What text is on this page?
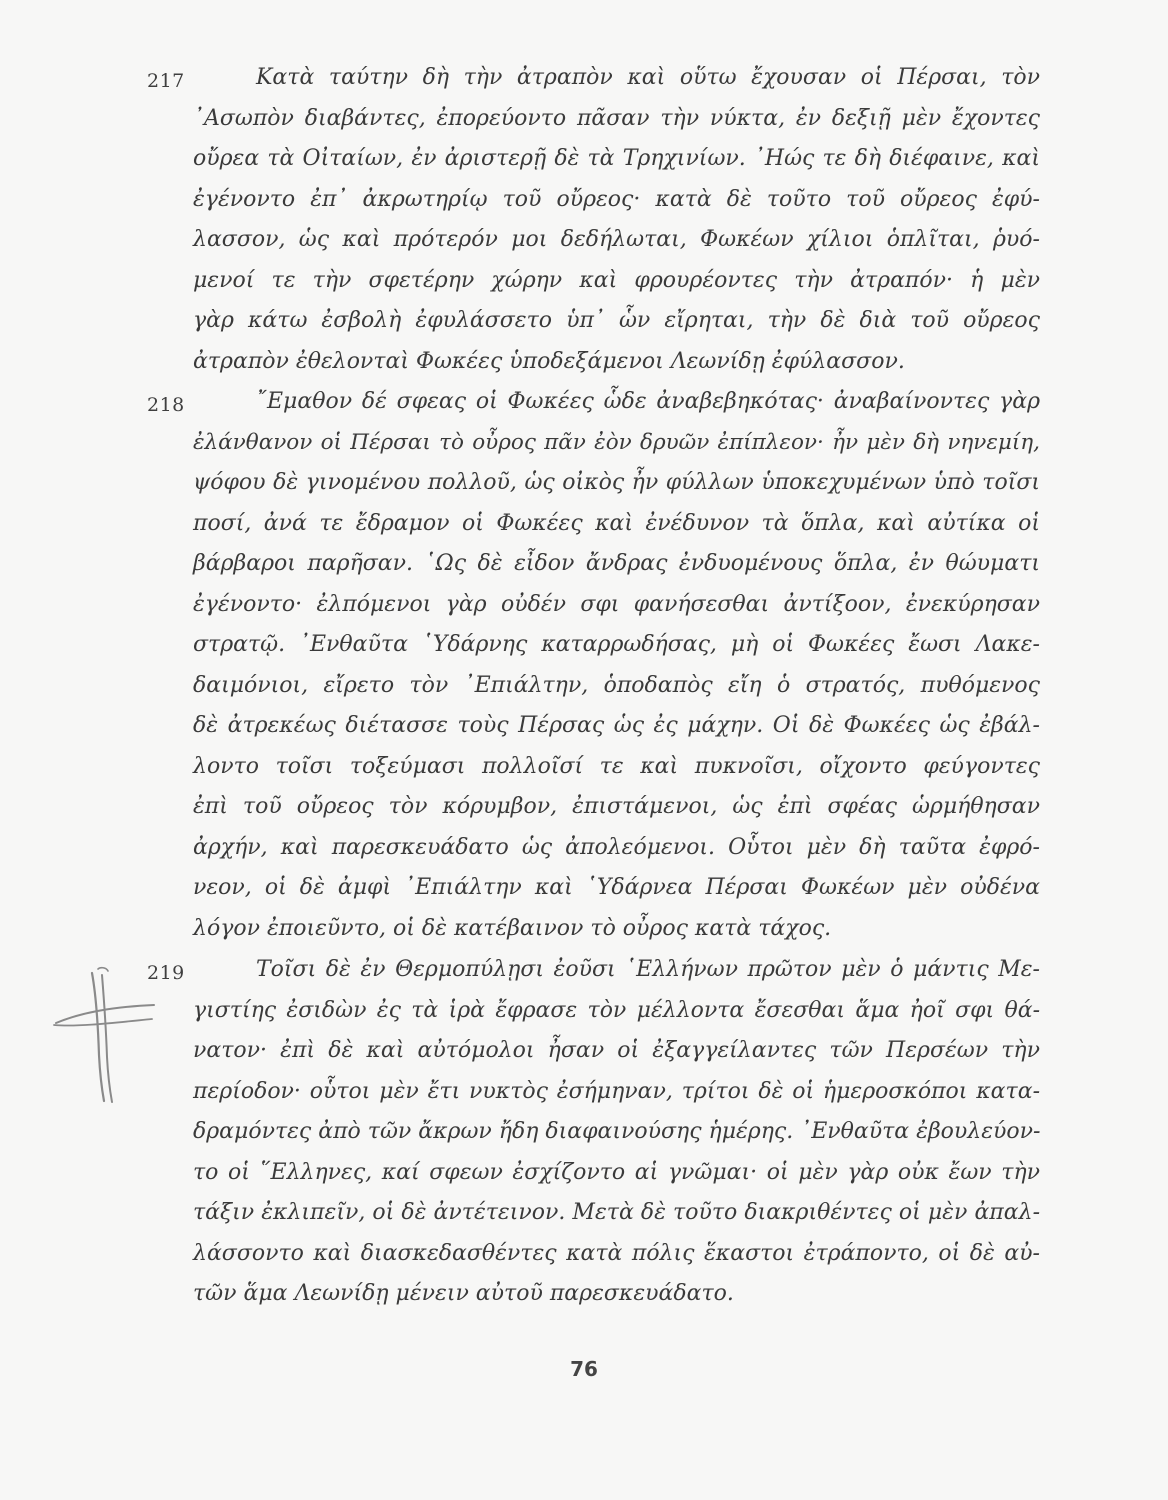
217	Κατὰ ταύτην δὴ τὴν ἀτραπὸν καὶ οὕτω ἔχουσαν οἱ Πέρσαι, τὸν
᾽Ασωπὸν διαβάντες, ἐπορεύοντο πᾶσαν τὴν νύκτα, ἐν δεξιῇ μὲν ἔχοντες
οὔρεα τὰ Οἰταίων, ἐν ἀριστερῇ δὲ τὰ Τρηχινίων. ᾽Ηώς τε δὴ διέφαινε, καὶ
ἐγένοντο ἐπ᾽ ἀκρωτηρίῳ τοῦ οὔρεος· κατὰ δὲ τοῦτο τοῦ οὔρεος ἐφύ-
λασσον, ὡς καὶ πρότερόν μοι δεδήλωται, Φωκέων χίλιοι ὁπλῖται, ῥυό-
μενοί τε τὴν σφετέρην χώρην καὶ φρουρέοντες τὴν ἀτραπόν· ἡ μὲν
γὰρ κάτω ἐσβολὴ ἐφυλάσσετο ὑπ᾽ ὧν εἴρηται, τὴν δὲ διὰ τοῦ οὔρεος
ἀτραπὸν ἐθελονταὶ Φωκέες ὑποδεξάμενοι Λεωνίδῃ ἐφύλασσον.
218	῎Εμαθον δέ σφεας οἱ Φωκέες ὧδε ἀναβεβηκότας· ἀναβαίνοντες γὰρ
ἐλάνθανον οἱ Πέρσαι τὸ οὖρος πᾶν ἐὸν δρυῶν ἐπίπλεον· ἦν μὲν δὴ νηνεμίη,
ψόφου δὲ γινομένου πολλοῦ, ὡς οἰκὸς ἦν φύλλων ὑποκεχυμένων ὑπὸ τοῖσι
ποσί, ἀνά τε ἔδραμον οἱ Φωκέες καὶ ἐνέδυνον τὰ ὅπλα, καὶ αὐτίκα οἱ
βάρβαροι παρῆσαν. ῾Ως δὲ εἶδον ἄνδρας ἐνδυομένους ὅπλα, ἐν θώυματι
ἐγένοντο· ἐλπόμενοι γὰρ οὐδέν σφι φανήσεσθαι ἀντίξοον, ἐνεκύρησαν
στρατῷ. ᾽Ενθαῦτα ῾Υδάρνης καταρρωδήσας, μὴ οἱ Φωκέες ἔωσι Λακε-
δαιμόνιοι, εἴρετο τὸν ᾽Επιάλτην, ὁποδαπὸς εἴη ὁ στρατός, πυθόμενος
δὲ ἀτρεκέως διέτασσε τοὺς Πέρσας ὡς ἐς μάχην. Οἱ δὲ Φωκέες ὡς ἐβάλ-
λοντο τοῖσι τοξεύμασι πολλοῖσί τε καὶ πυκνοῖσι, οἴχοντο φεύγοντες
ἐπὶ τοῦ οὔρεος τὸν κόρυμβον, ἐπιστάμενοι, ὡς ἐπὶ σφέας ὡρμήθησαν
ἀρχήν, καὶ παρεσκευάδατο ὡς ἀπολεόμενοι. Οὗτοι μὲν δὴ ταῦτα ἐφρό-
νεον, οἱ δὲ ἀμφὶ ᾽Επιάλτην καὶ ῾Υδάρνεα Πέρσαι Φωκέων μὲν οὐδένα
λόγον ἐποιεῦντο, οἱ δὲ κατέβαινον τὸ οὖρος κατὰ τάχος.
219	Τοῖσι δὲ ἐν Θερμοπύλῃσι ἐοῦσι ῾Ελλήνων πρῶτον μὲν ὁ μάντις Με-
γιστίης ἐσιδὼν ἐς τὰ ἱρὰ ἔφρασε τὸν μέλλοντα ἔσεσθαι ἅμα ἠοῖ σφι θά-
νατον· ἐπὶ δὲ καὶ αὐτόμολοι ἦσαν οἱ ἐξαγγείλαντες τῶν Περσέων τὴν
περίοδον· οὗτοι μὲν ἔτι νυκτὸς ἐσήμηναν, τρίτοι δὲ οἱ ἡμεροσκόποι κατα-
δραμόντες ἀπὸ τῶν ἄκρων ἤδη διαφαινούσης ἡμέρης. ᾽Ενθαῦτα ἐβουλεύον-
το οἱ ῞Ελληνες, καί σφεων ἐσχίζοντο αἱ γνῶμαι· οἱ μὲν γὰρ οὐκ ἔων τὴν
τάξιν ἐκλιπεῖν, οἱ δὲ ἀντέτεινον. Μετὰ δὲ τοῦτο διακριθέντες οἱ μὲν ἀπαλ-
λάσσοντο καὶ διασκεδασθέντες κατὰ πόλις ἕκαστοι ἐτράποντο, οἱ δὲ αὐ-
τῶν ἅμα Λεωνίδῃ μένειν αὐτοῦ παρεσκευάδατο.
76
